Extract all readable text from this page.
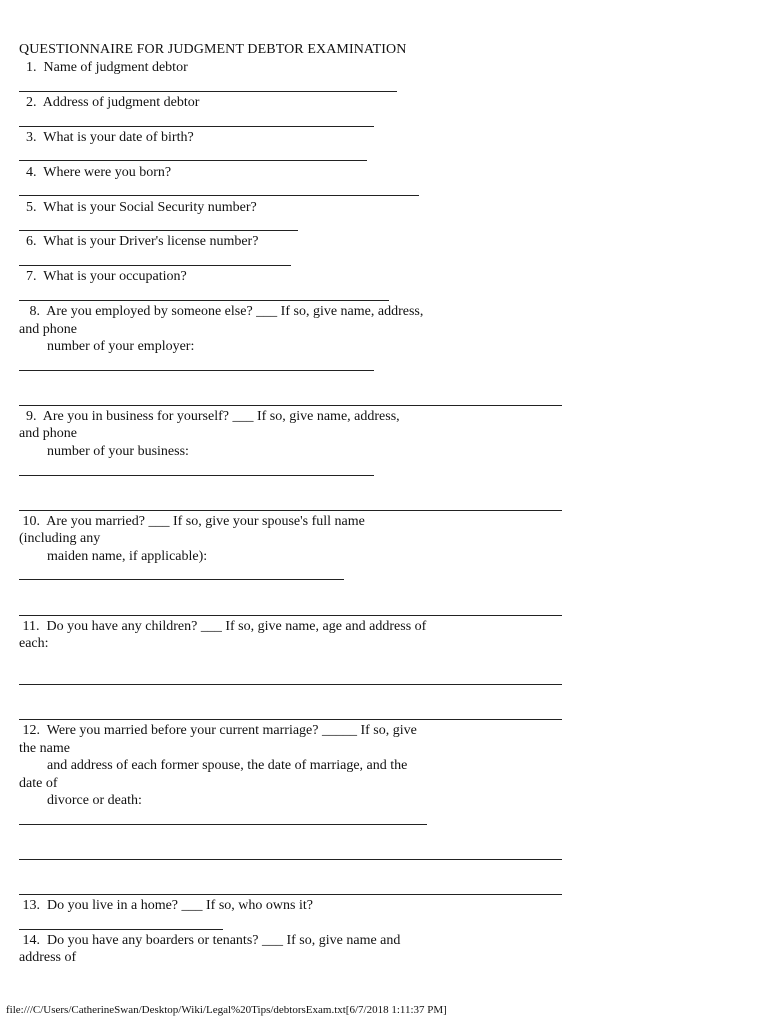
QUESTIONNAIRE FOR JUDGMENT DEBTOR EXAMINATION

1.  Name of judgment debtor

2.  Address of judgment debtor

3.  What is your date of birth?

4.  Where were you born?

5.  What is your Social Security number?

6.  What is your Driver's license number?

7.  What is your occupation?

8.  Are you employed by someone else? ___ If so, give name, address,

and phone

number of your employer:

9.  Are you in business for yourself? ___ If so, give name, address,

and phone

number of your business:

10.  Are you married? ___ If so, give your spouse's full name

(including any

maiden name, if applicable):

11.  Do you have any children? ___ If so, give name, age and address of

each:

12.  Were you married before your current marriage? _____ If so, give

the name

and address of each former spouse, the date of marriage, and the

date of

divorce or death:

13.  Do you live in a home? ___ If so, who owns it?

14.  Do you have any boarders or tenants? ___ If so, give name and

address of

file:///C/Users/CatherineSwan/Desktop/Wiki/Legal%20Tips/debtorsExam.txt[6/7/2018 1:11:37 PM]
